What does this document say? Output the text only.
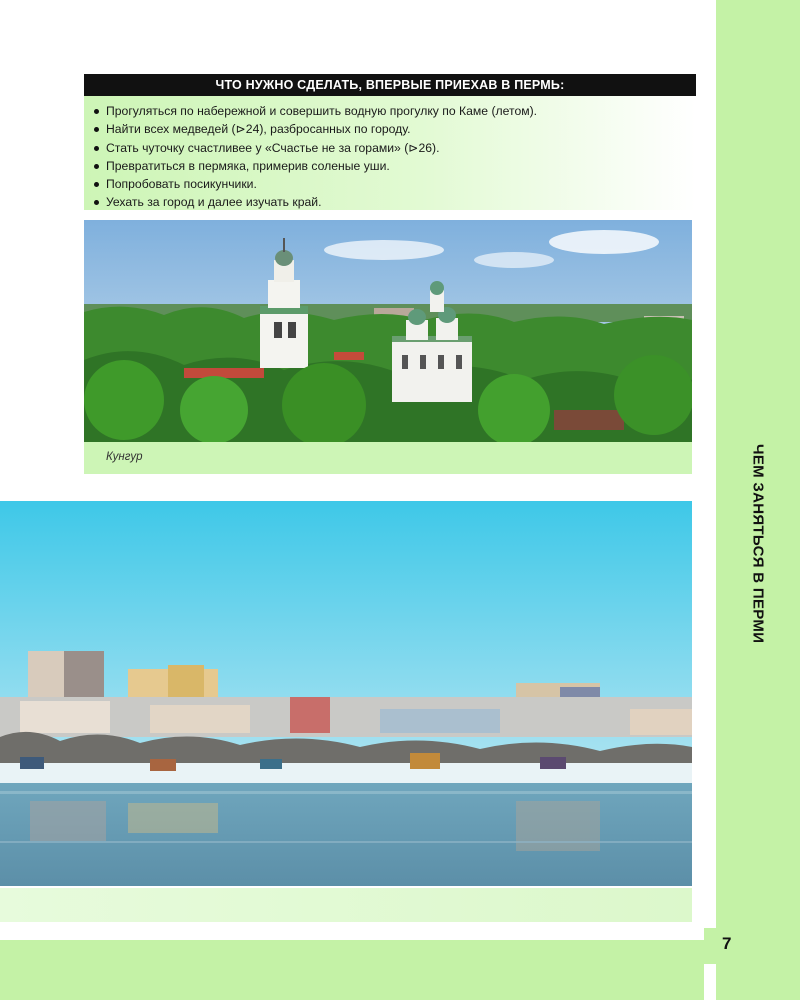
ЧЕМ ЗАНЯТЬСЯ В ПЕРМИ
7
ЧТО НУЖНО СДЕЛАТЬ, ВПЕРВЫЕ ПРИЕХАВ В ПЕРМЬ:
Прогуляться по набережной и совершить водную прогулку по Каме (летом).
Найти всех медведей (⊳24), разбросанных по городу.
Стать чуточку счастливее у «Счастье не за горами» (⊳26).
Превратиться в пермяка, примерив соленые уши.
Попробовать посикунчики.
Уехать за город и далее изучать край.
Кунгур
